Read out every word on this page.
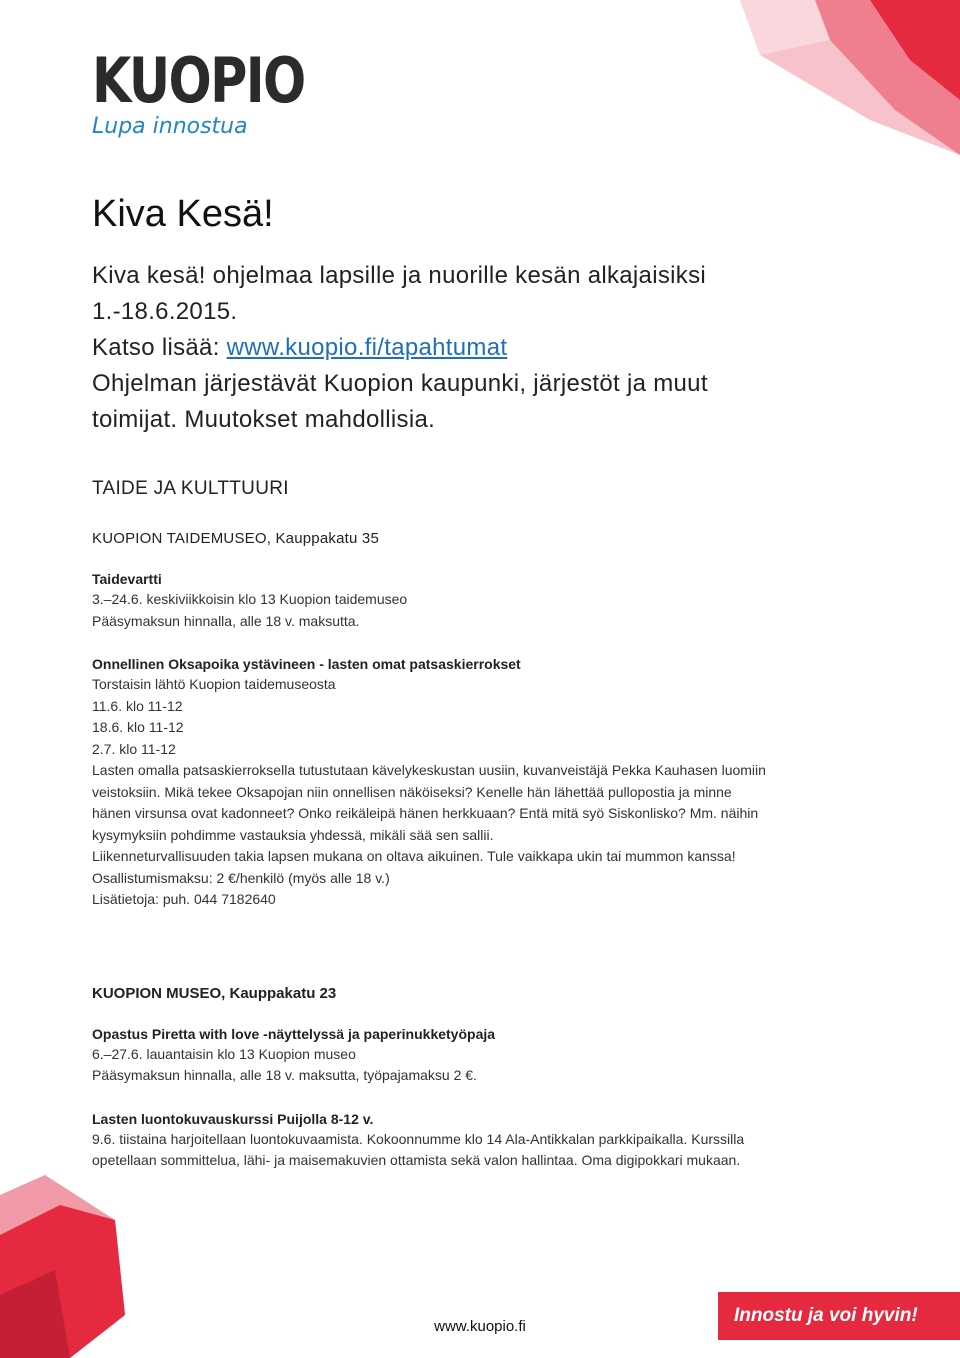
KUOPIO
Lupa innostua
Kiva Kesä!
Kiva kesä! ohjelmaa lapsille ja nuorille kesän alkajaisiksi
1.-18.6.2015.
Katso lisää: www.kuopio.fi/tapahtumat
Ohjelman järjestävät Kuopion kaupunki, järjestöt ja muut
toimijat. Muutokset mahdollisia.
TAIDE JA KULTTUURI
KUOPION TAIDEMUSEO, Kauppakatu 35
Taidevartti
3.–24.6. keskiviikkoisin klo 13 Kuopion taidemuseo
Pääsymaksun hinnalla, alle 18 v. maksutta.
Onnellinen Oksapoika ystävineen - lasten omat patsaskierrokset
Torstaisin lähtö Kuopion taidemuseosta
11.6. klo 11-12
18.6. klo 11-12
2.7. klo 11-12
Lasten omalla patsaskierroksella tutustutaan kävelykeskustan uusiin, kuvanveistäjä Pekka Kauhasen luomiin
veistoksiin. Mikä tekee Oksapojan niin onnellisen näköiseksi? Kenelle hän lähettää pullopostia ja minne
hänen virsunsa ovat kadonneet? Onko reikäleipä hänen herkkuaan? Entä mitä syö Siskonlisko? Mm. näihin
kysymyksiin pohdimme vastauksia yhdessä, mikäli sää sen sallii.
Liikenneturvallisuuden takia lapsen mukana on oltava aikuinen. Tule vaikkapa ukin tai mummon kanssa!
Osallistumismaksu: 2 €/henkilö (myös alle 18 v.)
Lisätietoja: puh. 044 7182640
KUOPION MUSEO, Kauppakatu 23
Opastus Piretta with love -näyttelyssä ja paperinukketyöpaja
6.–27.6. lauantaisin klo 13 Kuopion museo
Pääsymaksun hinnalla, alle 18 v. maksutta, työpajamaksu 2 €.
Lasten luontokuvauskurssi Puijolla 8-12 v.
9.6. tiistaina harjoitellaan luontokuvaamista. Kokoonnumme klo 14 Ala-Antikkalan parkkipaikalla. Kurssilla
opetellaan sommittelua, lähi- ja maisemakuvien ottamista sekä valon hallintaa. Oma digipokkari mukaan.
www.kuopio.fi
Innostu ja voi hyvin!
